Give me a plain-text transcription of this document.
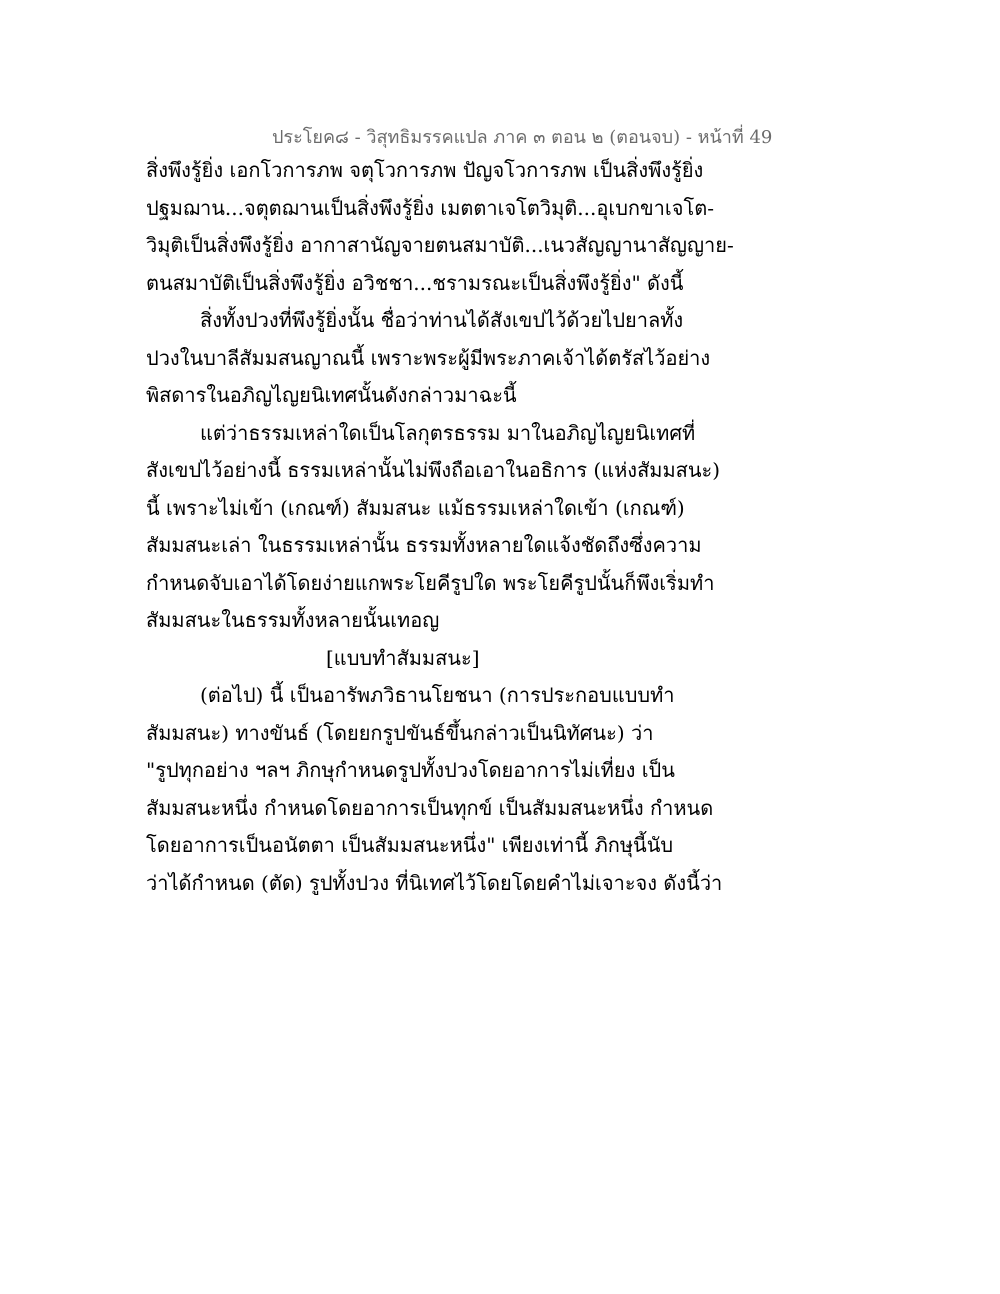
ประโยค๘ - วิสุทธิมรรคแปล ภาค ๓ ตอน ๒ (ตอนจบ) - หน้าที่ 49
สิ่งพึงรู้ยิ่ง เอกโวการภพ จตุโวการภพ ปัญจโวการภพ เป็นสิ่งพึงรู้ยิ่ง
ปฐมฌาน...จตุตฌานเป็นสิ่งพึงรู้ยิ่ง เมตตาเจโตวิมุติ...อุเบกขาเจโต-
วิมุติเป็นสิ่งพึงรู้ยิ่ง อากาสานัญจายตนสมาบัติ...เนวสัญญานาสัญญาย-
ตนสมาบัติเป็นสิ่งพึงรู้ยิ่ง อวิชชา...ชรามรณะเป็นสิ่งพึงรู้ยิ่ง" ดังนี้
สิ่งทั้งปวงที่พึงรู้ยิ่งนั้น ชื่อว่าท่านได้สังเขปไว้ด้วยไปยาลทั้ง
ปวงในบาลีสัมมสนญาณนี้ เพราะพระผู้มีพระภาคเจ้าได้ตรัสไว้อย่าง
พิสดารในอภิญไญยนิเทศนั้นดังกล่าวมาฉะนี้
แต่ว่าธรรมเหล่าใดเป็นโลกุตรธรรม มาในอภิญไญยนิเทศที่
สังเขปไว้อย่างนี้ ธรรมเหล่านั้นไม่พึงถือเอาในอธิการ (แห่งสัมมสนะ)
นี้ เพราะไม่เข้า (เกณฑ์) สัมมสนะ แม้ธรรมเหล่าใดเข้า (เกณฑ์)
สัมมสนะเล่า ในธรรมเหล่านั้น ธรรมทั้งหลายใดแจ้งชัดถึงซึ่งความ
กำหนดจับเอาได้โดยง่ายแกพระโยคีรูปใด พระโยคีรูปนั้นก็พึงเริ่มทำ
สัมมสนะในธรรมทั้งหลายนั้นเทอญ
[แบบทำสัมมสนะ]
(ต่อไป) นี้ เป็นอารัพภวิธานโยชนา (การประกอบแบบทำ
สัมมสนะ) ทางขันธ์ (โดยยกรูปขันธ์ขึ้นกล่าวเป็นนิทัศนะ) ว่า
"รูปทุกอย่าง ฯลฯ ภิกษุกำหนดรูปทั้งปวงโดยอาการไม่เที่ยง เป็น
สัมมสนะหนึ่ง กำหนดโดยอาการเป็นทุกข์ เป็นสัมมสนะหนึ่ง กำหนด
โดยอาการเป็นอนัตตา เป็นสัมมสนะหนึ่ง" เพียงเท่านี้ ภิกษุนี้นับ
ว่าได้กำหนด (ตัด) รูปทั้งปวง ที่นิเทศไว้โดยโดยคำไม่เจาะจง ดังนี้ว่า
